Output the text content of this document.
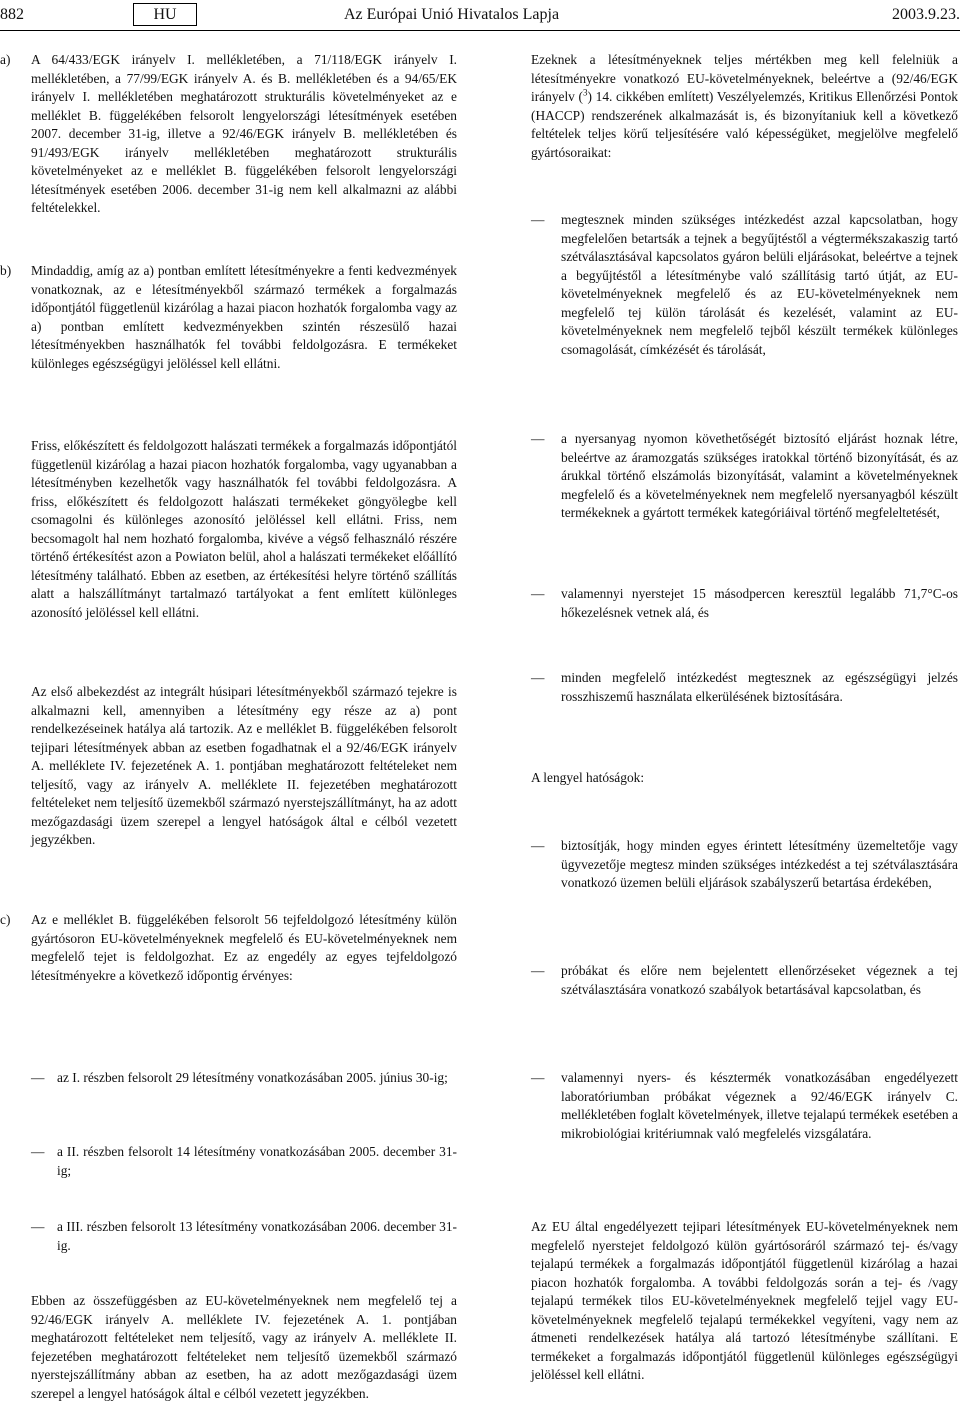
882	HU	Az Európai Unió Hivatalos Lapja	2003.9.23.
a) A 64/433/EGK irányelv I. mellékletében, a 71/118/EGK irányelv I. mellékletében, a 77/99/EGK irányelv A. és B. mellékletében és a 94/65/EK irányelv I. mellékletében meghatározott strukturális követelményeket az e melléklet B. függelékében felsorolt lengyelországi létesítmények esetében 2007. december 31-ig, illetve a 92/46/EGK irányelv B. mellékletében és 91/493/EGK irányelv mellékletében meghatározott strukturális követelményeket az e melléklet B. függelékében felsorolt lengyelországi létesítmények esetében 2006. december 31-ig nem kell alkalmazni az alábbi feltételekkel.

b) Mindaddig, amíg az a) pontban említett létesítményekre a fenti kedvezmények vonatkoznak, az e létesítményekből származó termékek a forgalmazás időpontjától függetlenül kizárólag a hazai piacon hozhatók forgalomba vagy az a) pontban említett kedvezményekben szintén részesülő hazai létesítményekben használhatók fel további feldolgozásra. E termékeket különleges egészségügyi jelöléssel kell ellátni.

Friss, előkészített és feldolgozott halászati termékek a forgalmazás időpontjától függetlenül kizárólag a hazai piacon hozhatók forgalomba, vagy ugyanabban a létesítményben kezelhetők vagy használhatók fel további feldolgozásra. A friss, előkészített és feldolgozott halászati termékeket göngyölegbe kell csomagolni és különleges azonosító jelöléssel kell ellátni. Friss, nem becsomagolt hal nem hozható forgalomba, kivéve a végső felhasználó részére történő értékesítést azon a Powiaton belül, ahol a halászati termékeket előállító létesítmény található. Ebben az esetben, az értékesítési helyre történő szállítás alatt a halszállítmányt tartalmazó tartályokat a fent említett különleges azonosító jelöléssel kell ellátni.

Az első albekezdést az integrált húsipari létesítményekből származó tejekre is alkalmazni kell, amennyiben a létesítmény egy része az a) pont rendelkezéseinek hatálya alá tartozik. Az e melléklet B. függelékében felsorolt tejipari létesítmények abban az esetben fogadhatnak el a 92/46/EGK irányelv A. melléklete IV. fejezetének A. 1. pontjában meghatározott feltételeket nem teljesítő, vagy az irányelv A. melléklete II. fejezetében meghatározott feltételeket nem teljesítő üzemekből származó nyerstejszállítmányt, ha az adott mezőgazdasági üzem szerepel a lengyel hatóságok által e célból vezetett jegyzékben.

c) Az e melléklet B. függelékében felsorolt 56 tejfeldolgozó létesítmény külön gyártósoron EU-követelményeknek megfelelő és EU-követelményeknek nem megfelelő tejet is feldolgozhat. Ez az engedély az egyes tejfeldolgozó létesítményekre a következő időpontig érvényes:

— az I. részben felsorolt 29 létesítmény vonatkozásában 2005. június 30-ig;

— a II. részben felsorolt 14 létesítmény vonatkozásában 2005. december 31-ig;

— a III. részben felsorolt 13 létesítmény vonatkozásában 2006. december 31-ig.

Ebben az összefüggésben az EU-követelményeknek nem megfelelő tej a 92/46/EGK irányelv A. melléklete IV. fejezetének A. 1. pontjában meghatározott feltételeket nem teljesítő, vagy az irányelv A. melléklete II. fejezetében meghatározott feltételeket nem teljesítő üzemekből származó nyerstejszállítmány abban az esetben, ha az adott mezőgazdasági üzem szerepel a lengyel hatóságok által e célból vezetett jegyzékben.

Ezeknek a létesítményeknek teljes mértékben meg kell felelniük a létesítményekre vonatkozó EU-követelményeknek, beleértve a (92/46/EGK irányelv ($^3$) 14. cikkében említett) Veszélyelemzés, Kritikus Ellenőrzési Pontok (HACCP) rendszerének alkalmazását is, és bizonyítaniuk kell a következő feltételek teljes körű teljesítésére való képességüket, megjelölve megfelelő gyártósoraikat:

— megtesznek minden szükséges intézkedést azzal kapcsolatban, hogy megfelelően betartsák a tejnek a begyűjtéstől a végtermékszakaszig tartó szétválasztásával kapcsolatos gyáron belüli eljárásokat, beleértve a tejnek a begyűjtéstől a létesítménybe való szállításig tartó útját, az EU-követelményeknek megfelelő és az EU-követelményeknek nem megfelelő tej külön tárolását és kezelését, valamint az EU-követelményeknek nem megfelelő tejből készült termékek különleges csomagolását, címkézését és tárolását,

— a nyersanyag nyomon követhetőségét biztosító eljárást hoznak létre, beleértve az áramozgatás szükséges iratokkal történő bizonyítását, és az árukkal történő elszámolás bizonyítását, valamint a követelményeknek megfelelő és a követelményeknek nem megfelelő nyersanyagból készült termékeknek a gyártott termékek kategóriáival történő megfeleltetését,

— valamennyi nyerstejet 15 másodpercen keresztül legalább 71,7°C-os hőkezelésnek vetnek alá, és

— minden megfelelő intézkedést megtesznek az egészségügyi jelzés rosszhiszemű használata elkerülésének biztosítására.

A lengyel hatóságok:

— biztosítják, hogy minden egyes érintett létesítmény üzemeltetője vagy ügyvezetője megtesz minden szükséges intézkedést a tej szétválasztására vonatkozó üzemen belüli eljárások szabályszerű betartása érdekében,

— próbákat és előre nem bejelentett ellenőrzéseket végeznek a tej szétválasztására vonatkozó szabályok betartásával kapcsolatban, és

— valamennyi nyers- és késztermék vonatkozásában engedélyezett laboratóriumban próbákat végeznek a 92/46/EGK irányelv C. mellékletében foglalt követelmények, illetve tejalapú termékek esetében a mikrobiológiai kritériumnak való megfelelés vizsgálatára.

Az EU által engedélyezett tejipari létesítmények EU-követelményeknek nem megfelelő nyerstejet feldolgozó külön gyártósoráról származó tej- és/vagy tejalapú termékek a forgalmazás időpontjától függetlenül kizárólag a hazai piacon hozhatók forgalomba. A további feldolgozás során a tej- és /vagy tejalapú termékek tilos EU-követelményeknek megfelelő tejjel vagy EU-követelményeknek megfelelő tejalapú termékekkel vegyíteni, vagy nem az átmeneti rendelkezések hatálya alá tartozó létesítménybe szállítani. E termékeket a forgalmazás időpontjától függetlenül különleges egészségügyi jelöléssel kell ellátni.
